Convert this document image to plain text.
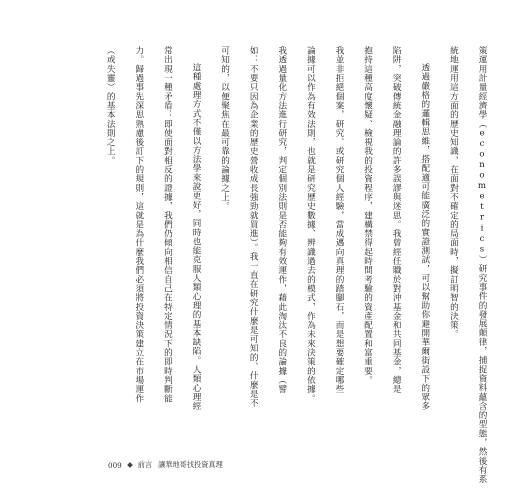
策運用計量經濟學（econometrics）研究事件的發展顛律，捕捉資料蘊含的型態，然後有系
統地運用這方面的歷史知識，在面對不確定的局面時，擬訂明智的決策。
透過嚴格的邏輯思維，搭配適可能廣泛的實證測試，可以幫助你避開華爾街設下的眾多
陷阱，突破傳統金融理論的許多誤謬與迷思。我曾經任職於對沖基金和共同基金，總是
抱持這種高度懷疑、檢視我的投資程序，建構禁得起時間考驗的資產配置和富重要。
我並非拒絕個案，研究、或研究個人經驗，當成邁向真理的踏腳石，而是想要確定哪些
論據可以作為有效法則，也就是研究歷史數據、辨識過去的模式，作為未來決策的依據。
我透過量化方法進行研究，判定個別法則是否能夠有效運作，藉此淘汰不良的論據（譬
如：不要只因為企業的歷史營收成長強勁就買進）。我一直在研究什麼是可知的、什麼是不
可知的，以便聚焦在最可靠的論據之上。
這種處理方式不僅以方法學來說更好，同時也能克服人類心理的基本缺陷。人類心理經
常出現一種矛盾：即使面對相反的證據，我們仍傾向相信自己在特定情況下的即時判斷能
力。歸過事先深思熟慮後訂下的規則，這就是為什麼我們必須將投資決策建立在市場運作
（或失靈）的基本法則之上。
009 前言 讓華地哥找投資真理
